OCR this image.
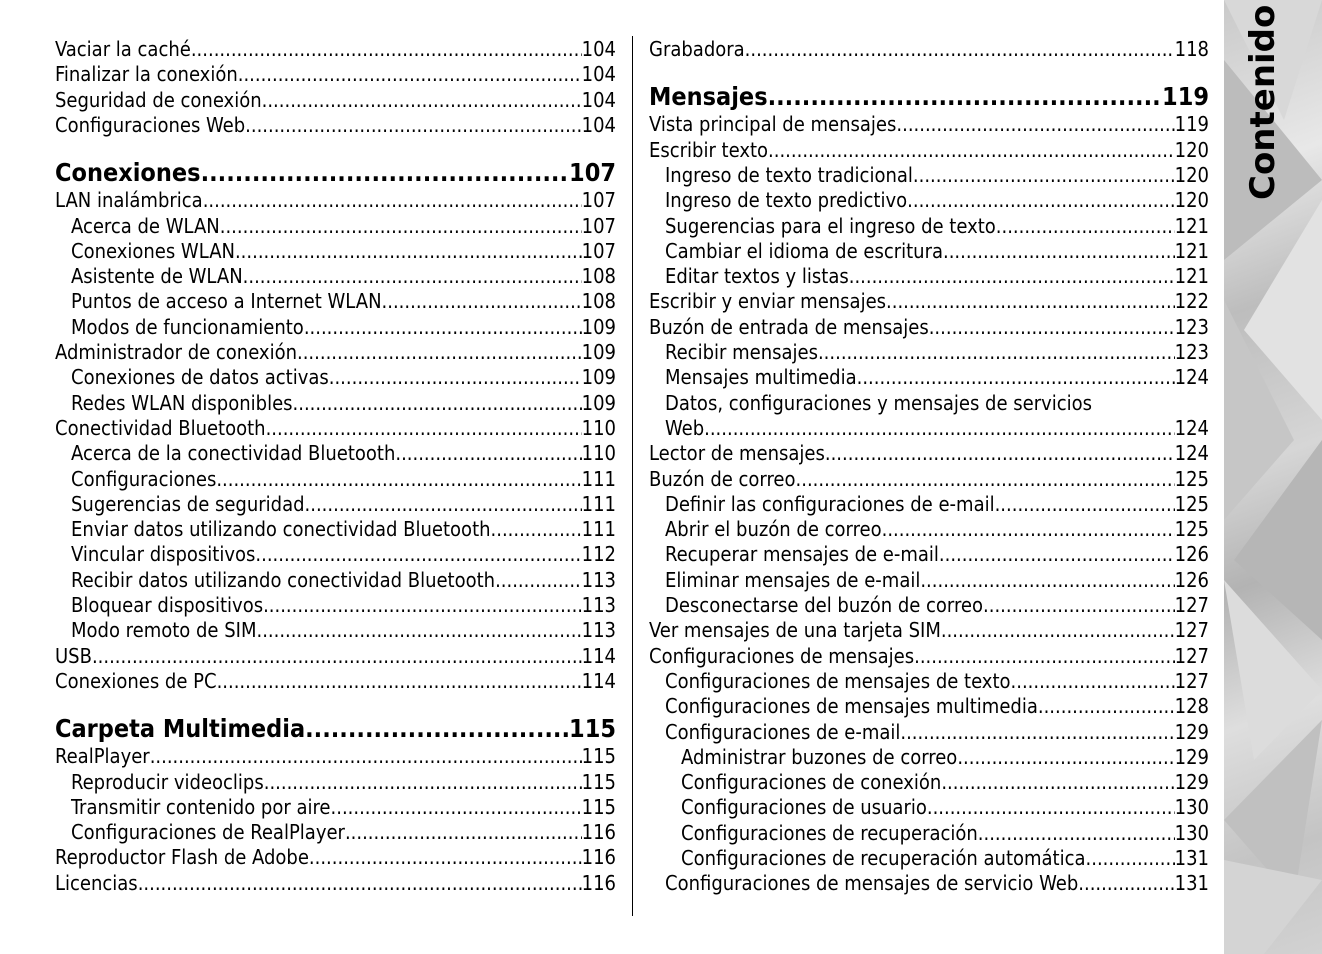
Vaciar la caché .....	104
Finalizar la conexión .....	104
Seguridad de conexión .....	104
Configuraciones Web .....	104
Conexiones .....	107
LAN inalámbrica .....	107
Acerca de WLAN .....	107
Conexiones WLAN .....	107
Asistente de WLAN .....	108
Puntos de acceso a Internet WLAN .....	108
Modos de funcionamiento .....	109
Administrador de conexión .....	109
Conexiones de datos activas .....	109
Redes WLAN disponibles .....	109
Conectividad Bluetooth .....	110
Acerca de la conectividad Bluetooth .....	110
Configuraciones .....	111
Sugerencias de seguridad .....	111
Enviar datos utilizando conectividad Bluetooth .....	111
Vincular dispositivos .....	112
Recibir datos utilizando conectividad Bluetooth .....	113
Bloquear dispositivos .....	113
Modo remoto de SIM .....	113
USB .....	114
Conexiones de PC .....	114
Carpeta Multimedia .....	115
RealPlayer .....	115
Reproducir videoclips .....	115
Transmitir contenido por aire .....	115
Configuraciones de RealPlayer .....	116
Reproductor Flash de Adobe .....	116
Licencias .....	116
Grabadora .....	118
Mensajes .....	119
Vista principal de mensajes .....	119
Escribir texto .....	120
Ingreso de texto tradicional .....	120
Ingreso de texto predictivo .....	120
Sugerencias para el ingreso de texto .....	121
Cambiar el idioma de escritura .....	121
Editar textos y listas .....	121
Escribir y enviar mensajes .....	122
Buzón de entrada de mensajes .....	123
Recibir mensajes .....	123
Mensajes multimedia .....	124
Datos, configuraciones y mensajes de servicios
Web .....	124
Lector de mensajes .....	124
Buzón de correo .....	125
Definir las configuraciones de e-mail .....	125
Abrir el buzón de correo .....	125
Recuperar mensajes de e-mail .....	126
Eliminar mensajes de e-mail .....	126
Desconectarse del buzón de correo .....	127
Ver mensajes de una tarjeta SIM .....	127
Configuraciones de mensajes .....	127
Configuraciones de mensajes de texto .....	127
Configuraciones de mensajes multimedia .....	128
Configuraciones de e-mail .....	129
Administrar buzones de correo .....	129
Configuraciones de conexión .....	129
Configuraciones de usuario .....	130
Configuraciones de recuperación .....	130
Configuraciones de recuperación automática .....	131
Configuraciones de mensajes de servicio Web .....	131
